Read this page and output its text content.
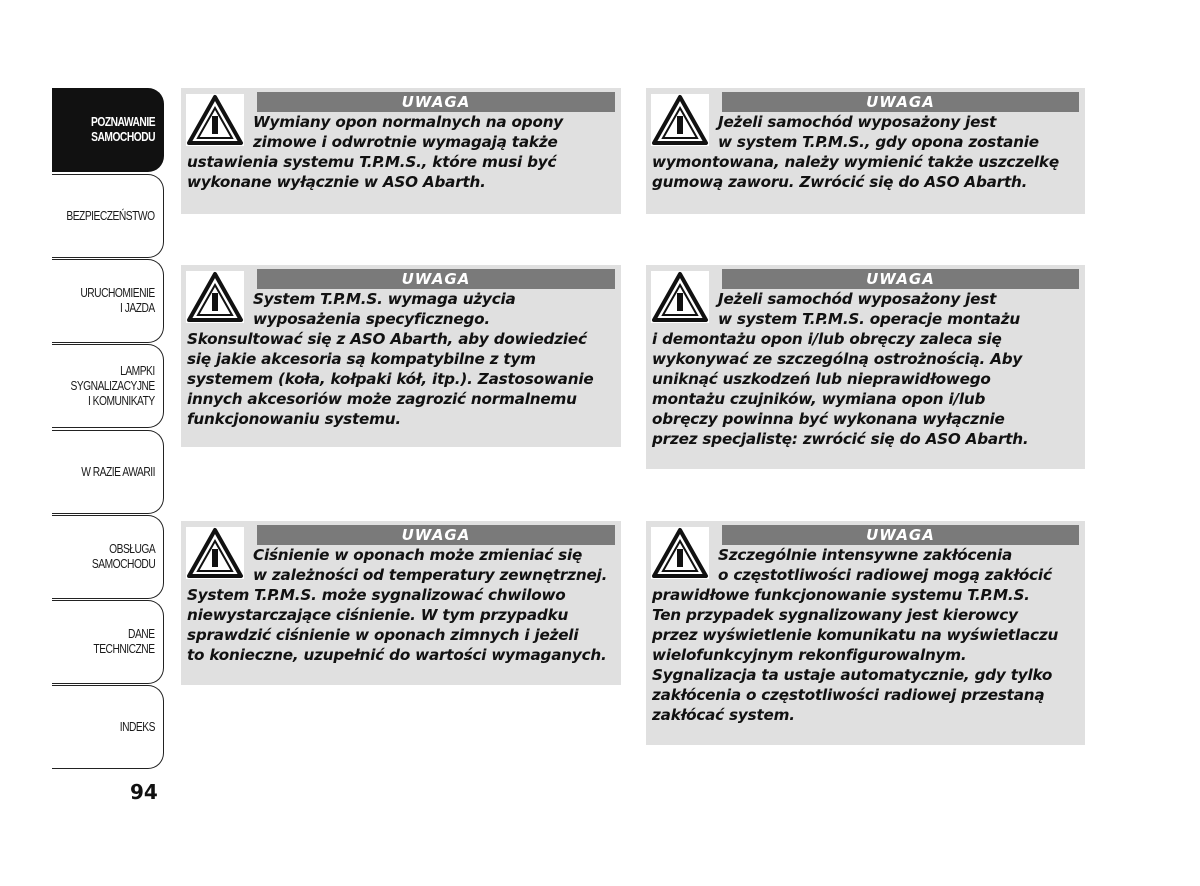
POZNAWANIE
SAMOCHODU
BEZPIECZEŃSTWO
URUCHOMIENIE
I JAZDA
LAMPKI
SYGNALIZACYJNE
I KOMUNIKATY
W RAZIE AWARII
OBSŁUGA
SAMOCHODU
DANE
TECHNICZNE
INDEKS
94
UWAGA
Wymiany opon normalnych na opony
zimowe i odwrotnie wymagają także
ustawienia systemu T.P.M.S., które musi być
wykonane wyłącznie w ASO Abarth.
UWAGA
Jeżeli samochód wyposażony jest
w system T.P.M.S., gdy opona zostanie
wymontowana, należy wymienić także uszczelkę
gumową zaworu. Zwrócić się do ASO Abarth.
UWAGA
System T.P.M.S. wymaga użycia
wyposażenia specyficznego.
Skonsultować się z ASO Abarth, aby dowiedzieć
się jakie akcesoria są kompatybilne z tym
systemem (koła, kołpaki kół, itp.). Zastosowanie
innych akcesoriów może zagrozić normalnemu
funkcjonowaniu systemu.
UWAGA
Jeżeli samochód wyposażony jest
w system T.P.M.S. operacje montażu
i demontażu opon i/lub obręczy zaleca się
wykonywać ze szczególną ostrożnością. Aby
uniknąć uszkodzeń lub nieprawidłowego
montażu czujników, wymiana opon i/lub
obręczy powinna być wykonana wyłącznie
przez specjalistę: zwrócić się do ASO Abarth.
UWAGA
Ciśnienie w oponach może zmieniać się
w zależności od temperatury zewnętrznej.
System T.P.M.S. może sygnalizować chwilowo
niewystarczające ciśnienie. W tym przypadku
sprawdzić ciśnienie w oponach zimnych i jeżeli
to konieczne, uzupełnić do wartości wymaganych.
UWAGA
Szczególnie intensywne zakłócenia
o częstotliwości radiowej mogą zakłócić
prawidłowe funkcjonowanie systemu T.P.M.S.
Ten przypadek sygnalizowany jest kierowcy
przez wyświetlenie komunikatu na wyświetlaczu
wielofunkcyjnym rekonfigurowalnym.
Sygnalizacja ta ustaje automatycznie, gdy tylko
zakłócenia o częstotliwości radiowej przestaną
zakłócać system.
